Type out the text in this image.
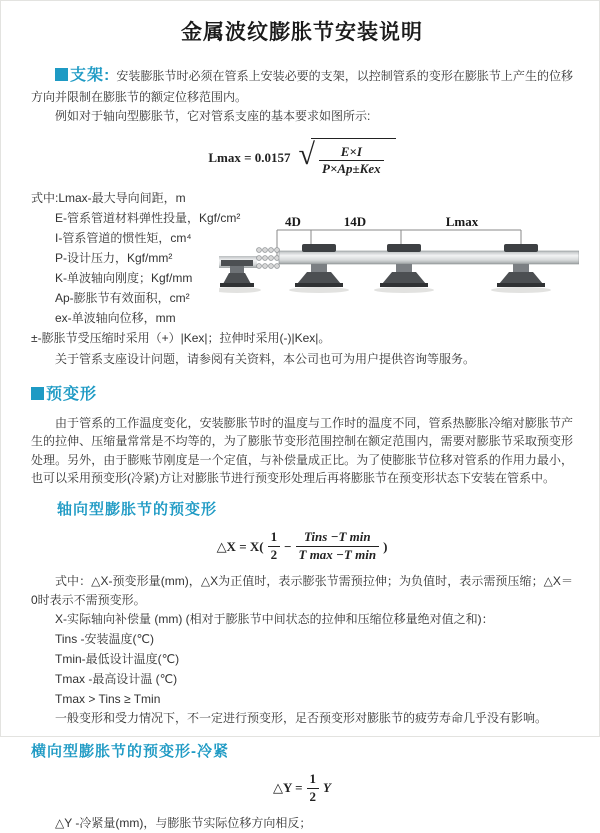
金属波纹膨胀节安装说明

支架: 安装膨胀节时必须在管系上安装必要的支架，以控制管系的变形在膨胀节上产生的位移方向并限制在膨胀节的额定位移范围内。

例如对于轴向型膨胀节，它对管系支座的基本要求如图所示:

Lmax = 0.0157 √	E×I
P×Ap±Kex
式中:Lmax-最大导向间距，m
E-管系管道材料弹性投量，Kgf/cm²
I-管系管道的惯性矩，cm⁴
P-设计压力，Kgf/mm²
K-单波轴向刚度；Kgf/mm
Ap-膨胀节有效面积，cm²
ex-单波轴向位移，mm
±-膨胀节受压缩时采用（+）|Kex|；拉伸时采用(-)|Kex|。
4D	14D	Lmax

关于管系支座设计问题，请参阅有关资料，本公司也可为用户提供咨询等服务。

预变形

由于管系的工作温度变化，安装膨胀节时的温度与工作时的温度不同，管系热膨胀冷缩对膨胀节产生的拉伸、压缩量常常是不均等的，为了膨胀节变形范围控制在额定范围内，需要对膨胀节采取预变形处理。另外，由于膨账节刚度是一个定值，与补偿量成正比。为了使膨胀节位移对管系的作用力最小，也可以采用预变形(冷紧)方让对膨胀节进行预变形处理后再将膨胀节在预变形状态下安装在管系中。

轴向型膨胀节的预变形
△X = $X( \frac{1}{2}$ −
Tins −T min
T max −T min
)

式中：△X-预变形量(mm)，△X为正值时，表示膨张节需预拉伸；为负值时，表示需预压缩；△X＝0时表示不需预变形。

X-实际轴向补偿量 (mm) (相对于膨胀节中间状态的拉伸和压缩位移量绝对值之和)：
Tins -安装温度(℃)
Tmin-最低设计温度(℃)
Tmax -最高设计温 (℃)
Tmax > Tins ≥ Tmin

一般变形和受力情况下，不一定进行预变形，足否预变形对膨胀节的疲劳寿命几乎没有影响。

横向型膨胀节的预变形-冷紧
△Y = $\frac{1}{2}$ Y

△Y -冷紧量(mm)，与膨胀节实际位移方向相反；
